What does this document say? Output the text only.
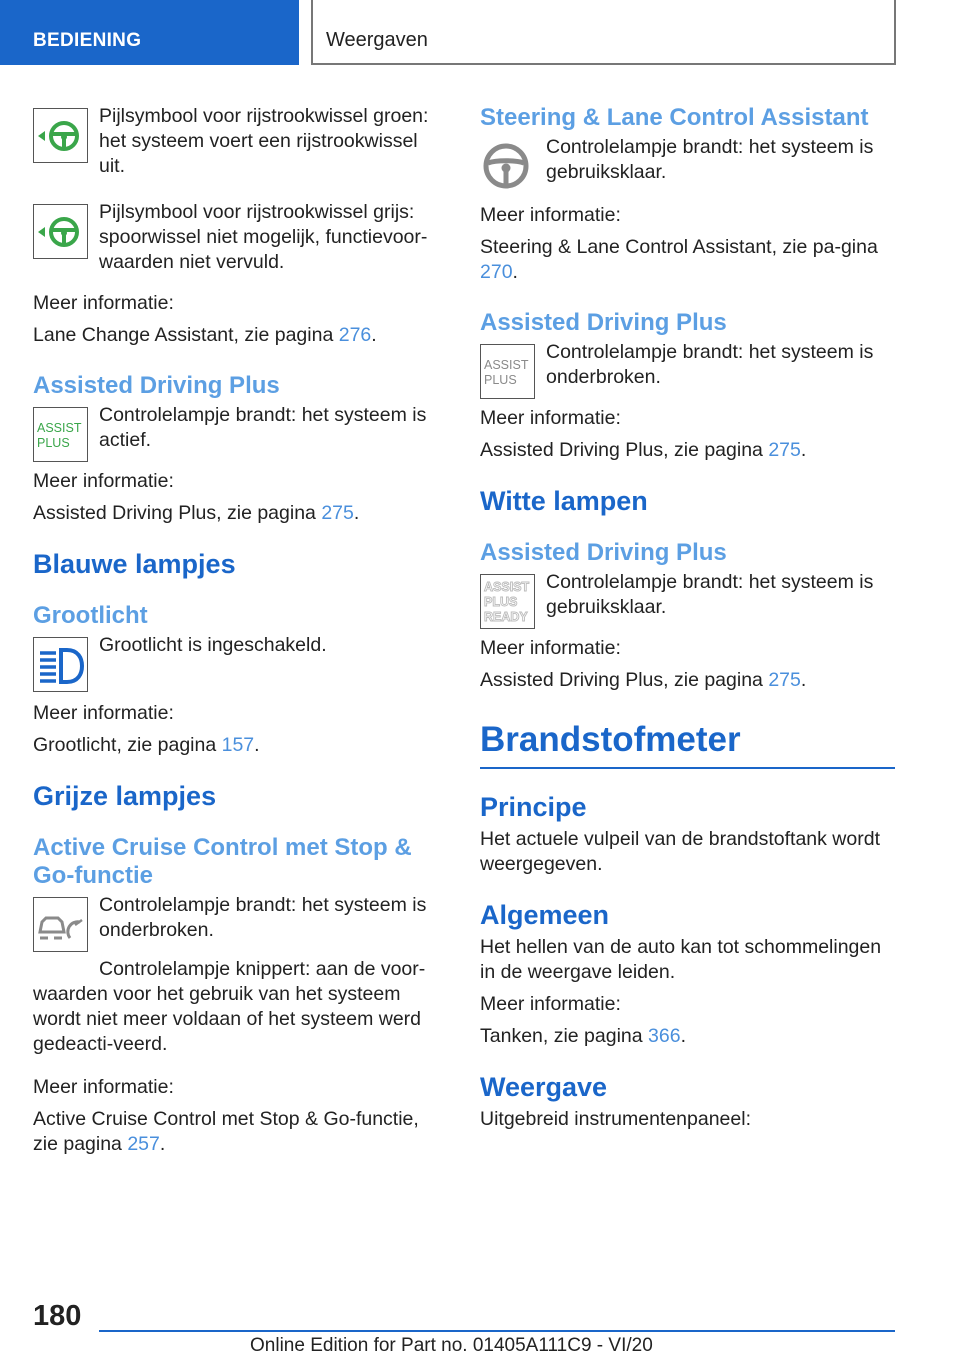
BEDIENING	Weergaven

Pijlsymbool voor rijstrookwissel groen: het systeem voert een rijstrookwissel uit.

Pijlsymbool voor rijstrookwissel grijs: spoorwissel niet mogelijk, functievoor-waarden niet vervuld.

Meer informatie:

Lane Change Assistant, zie pagina 276.

Assisted Driving Plus
ASSIST
PLUS

Controlelampje brandt: het systeem is actief.

Meer informatie:

Assisted Driving Plus, zie pagina 275.

Blauwe lampjes
Grootlicht

Grootlicht is ingeschakeld.

Meer informatie:

Grootlicht, zie pagina 157.

Grijze lampjes
Active Cruise Control met Stop & Go-functie

Controlelampje brandt: het systeem is onderbroken.

Controlelampje knippert: aan de voor-waarden voor het gebruik van het systeem wordt niet meer voldaan of het systeem werd gedeacti-veerd.

Meer informatie:

Active Cruise Control met Stop & Go-functie, zie pagina 257.

Steering & Lane Control Assistant

Controlelampje brandt: het systeem is gebruiksklaar.

Meer informatie:

Steering & Lane Control Assistant, zie pa-gina 270.

Assisted Driving Plus
ASSIST
PLUS

Controlelampje brandt: het systeem is onderbroken.

Meer informatie:

Assisted Driving Plus, zie pagina 275.

Witte lampen
Assisted Driving Plus
ASSIST
PLUS
READY

Controlelampje brandt: het systeem is gebruiksklaar.

Meer informatie:

Assisted Driving Plus, zie pagina 275.

Brandstofmeter
Principe

Het actuele vulpeil van de brandstoftank wordt weergegeven.

Algemeen

Het hellen van de auto kan tot schommelingen in de weergave leiden.

Meer informatie:

Tanken, zie pagina 366.

Weergave

Uitgebreid instrumentenpaneel:

180
Online Edition for Part no. 01405A111C9 - VI/20
